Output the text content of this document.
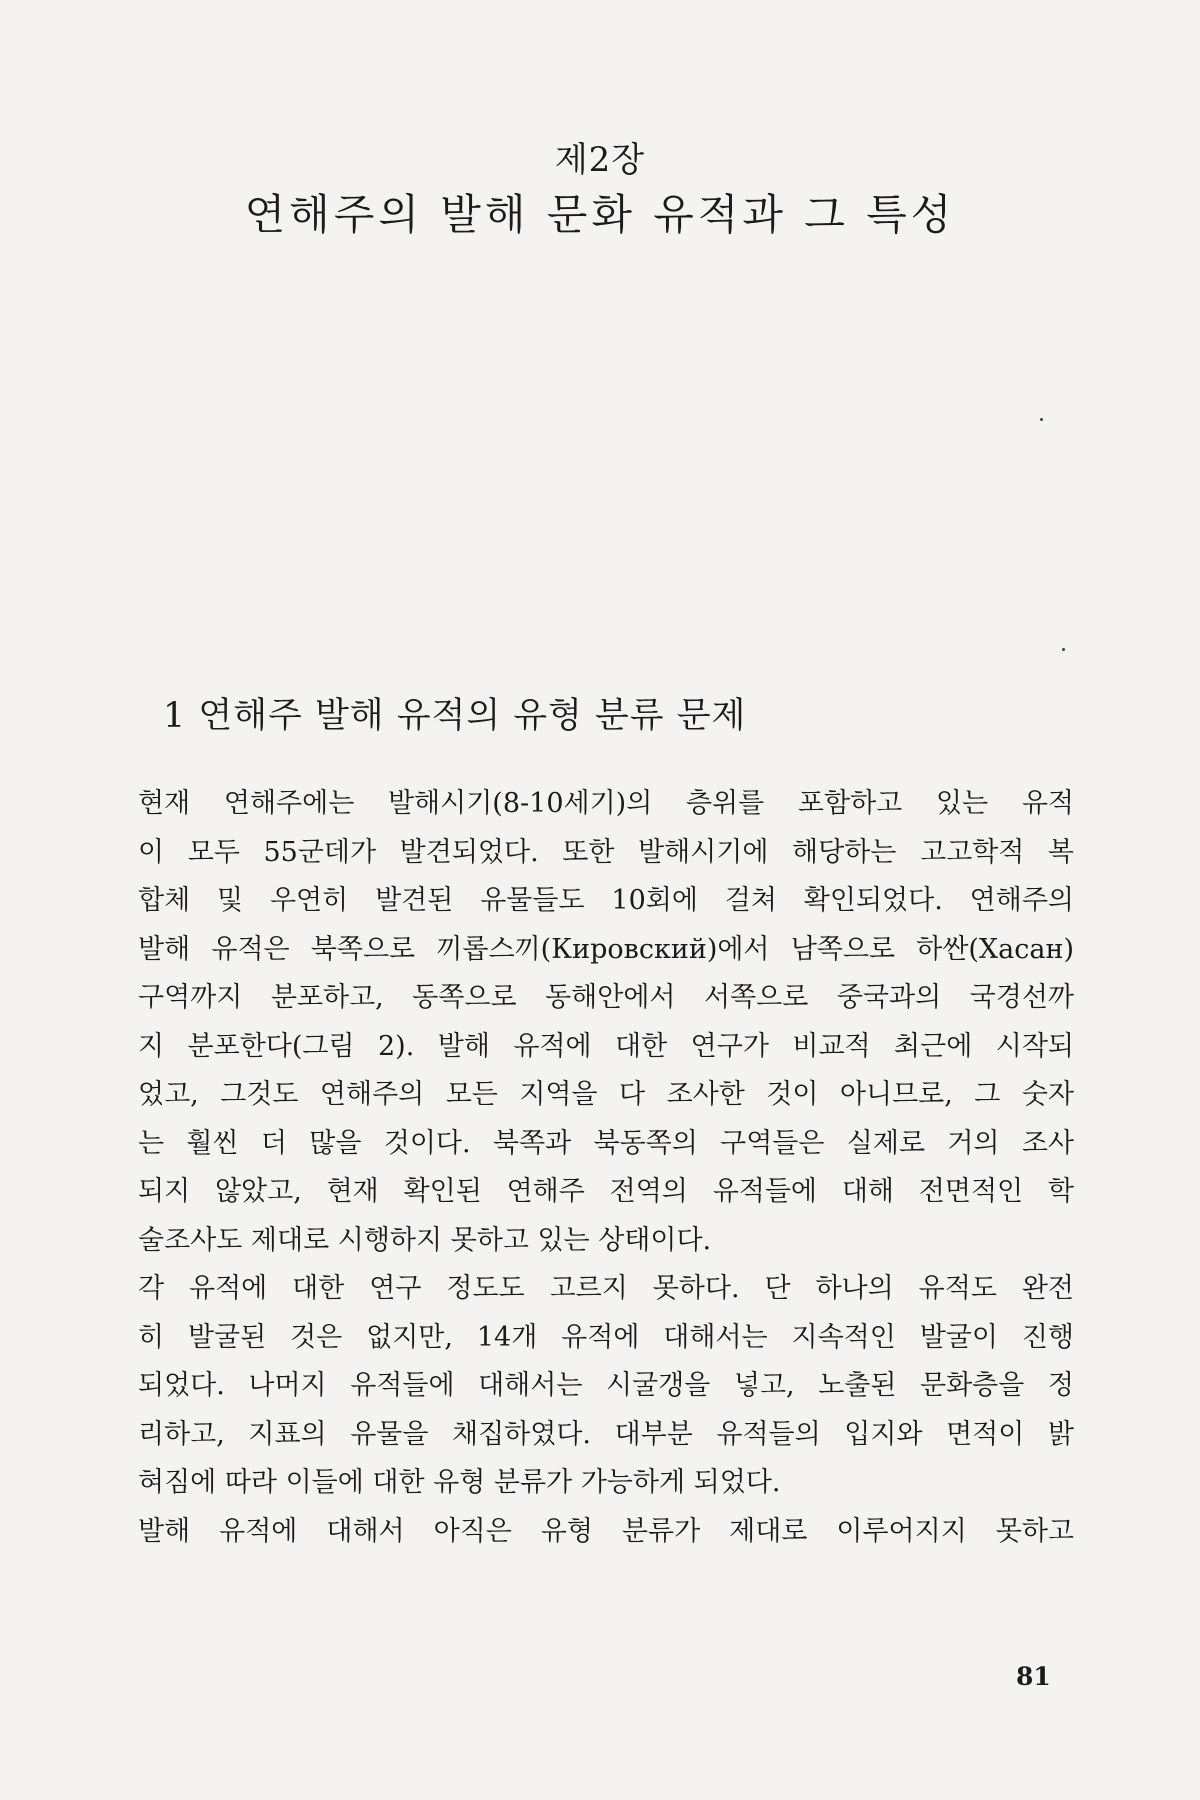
제2장
연해주의 발해 문화 유적과 그 특성
1 연해주 발해 유적의 유형 분류 문제
현재 연해주에는 발해시기(8-10세기)의 층위를 포함하고 있는 유적
이 모두 55군데가 발견되었다. 또한 발해시기에 해당하는 고고학적 복
합체 및 우연히 발견된 유물들도 10회에 걸쳐 확인되었다. 연해주의
발해 유적은 북쪽으로 끼롭스끼(Кировский)에서 남쪽으로 하싼(Хасан)
구역까지 분포하고, 동쪽으로 동해안에서 서쪽으로 중국과의 국경선까
지 분포한다(그림 2). 발해 유적에 대한 연구가 비교적 최근에 시작되
었고, 그것도 연해주의 모든 지역을 다 조사한 것이 아니므로, 그 숫자
는 훨씬 더 많을 것이다. 북쪽과 북동쪽의 구역들은 실제로 거의 조사
되지 않았고, 현재 확인된 연해주 전역의 유적들에 대해 전면적인 학
술조사도 제대로 시행하지 못하고 있는 상태이다.
각 유적에 대한 연구 정도도 고르지 못하다. 단 하나의 유적도 완전
히 발굴된 것은 없지만, 14개 유적에 대해서는 지속적인 발굴이 진행
되었다. 나머지 유적들에 대해서는 시굴갱을 넣고, 노출된 문화층을 정
리하고, 지표의 유물을 채집하였다. 대부분 유적들의 입지와 면적이 밝
혀짐에 따라 이들에 대한 유형 분류가 가능하게 되었다.
발해 유적에 대해서 아직은 유형 분류가 제대로 이루어지지 못하고
81
